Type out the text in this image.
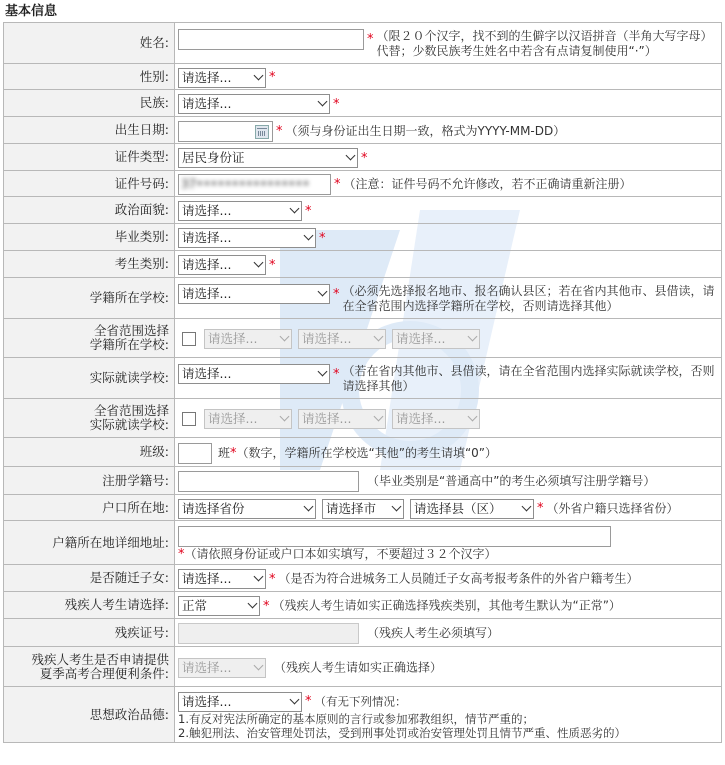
基本信息
姓名:	* （限２０个汉字，找不到的生僻字以汉语拼音（半角大写字母）代替；少数民族考生姓名中若含有点请复制使用“·”）
性别:	请选择... *
民族:	请选择... *
出生日期:	* （须与身份证出生日期一致，格式为YYYY-MM-DD）
证件类型:	居民身份证 *
证件号码:	37•••••••••••••••• * （注意：证件号码不允许修改，若不正确请重新注册）
政治面貌:	请选择... *
毕业类别:	请选择... *
考生类别:	请选择... *
学籍所在学校:	请选择... * （必须先选择报名地市、报名确认县区；若在省内其他市、县借读，请在全省范围内选择学籍所在学校，否则请选择其他）
全省范围选择
学籍所在学校:	请选择... 请选择... 请选择...

实际就读学校:	请选择... * （若在省内其他市、县借读，请在全省范围内选择实际就读学校，否则请选择其他）
全省范围选择
实际就读学校:	请选择... 请选择... 请选择...

班级:	班*（数字，学籍所在学校选“其他”的考生请填“0”）
注册学籍号:	（毕业类别是“普通高中”的考生必须填写注册学籍号）
户口所在地:	请选择省份 请选择市 请选择县（区） * （外省户籍只选择省份）
户籍所在地详细地址:	*（请依照身份证或户口本如实填写，不要超过３２个汉字）
是否随迁子女:	请选择... * （是否为符合进城务工人员随迁子女高考报考条件的外省户籍考生）
残疾人考生请选择:	正常 * （残疾人考生请如实正确选择残疾类别，其他考生默认为“正常”）
残疾证号:	（残疾人考生必须填写）
残疾人考生是否申请提供
夏季高考合理便利条件:	请选择... （残疾人考生请如实正确选择）
思想政治品德:	请选择... * （有无下列情况：
1.有反对宪法所确定的基本原则的言行或参加邪教组织，情节严重的；
2.触犯刑法、治安管理处罚法，受到刑事处罚或治安管理处罚且情节严重、性质恶劣的）
